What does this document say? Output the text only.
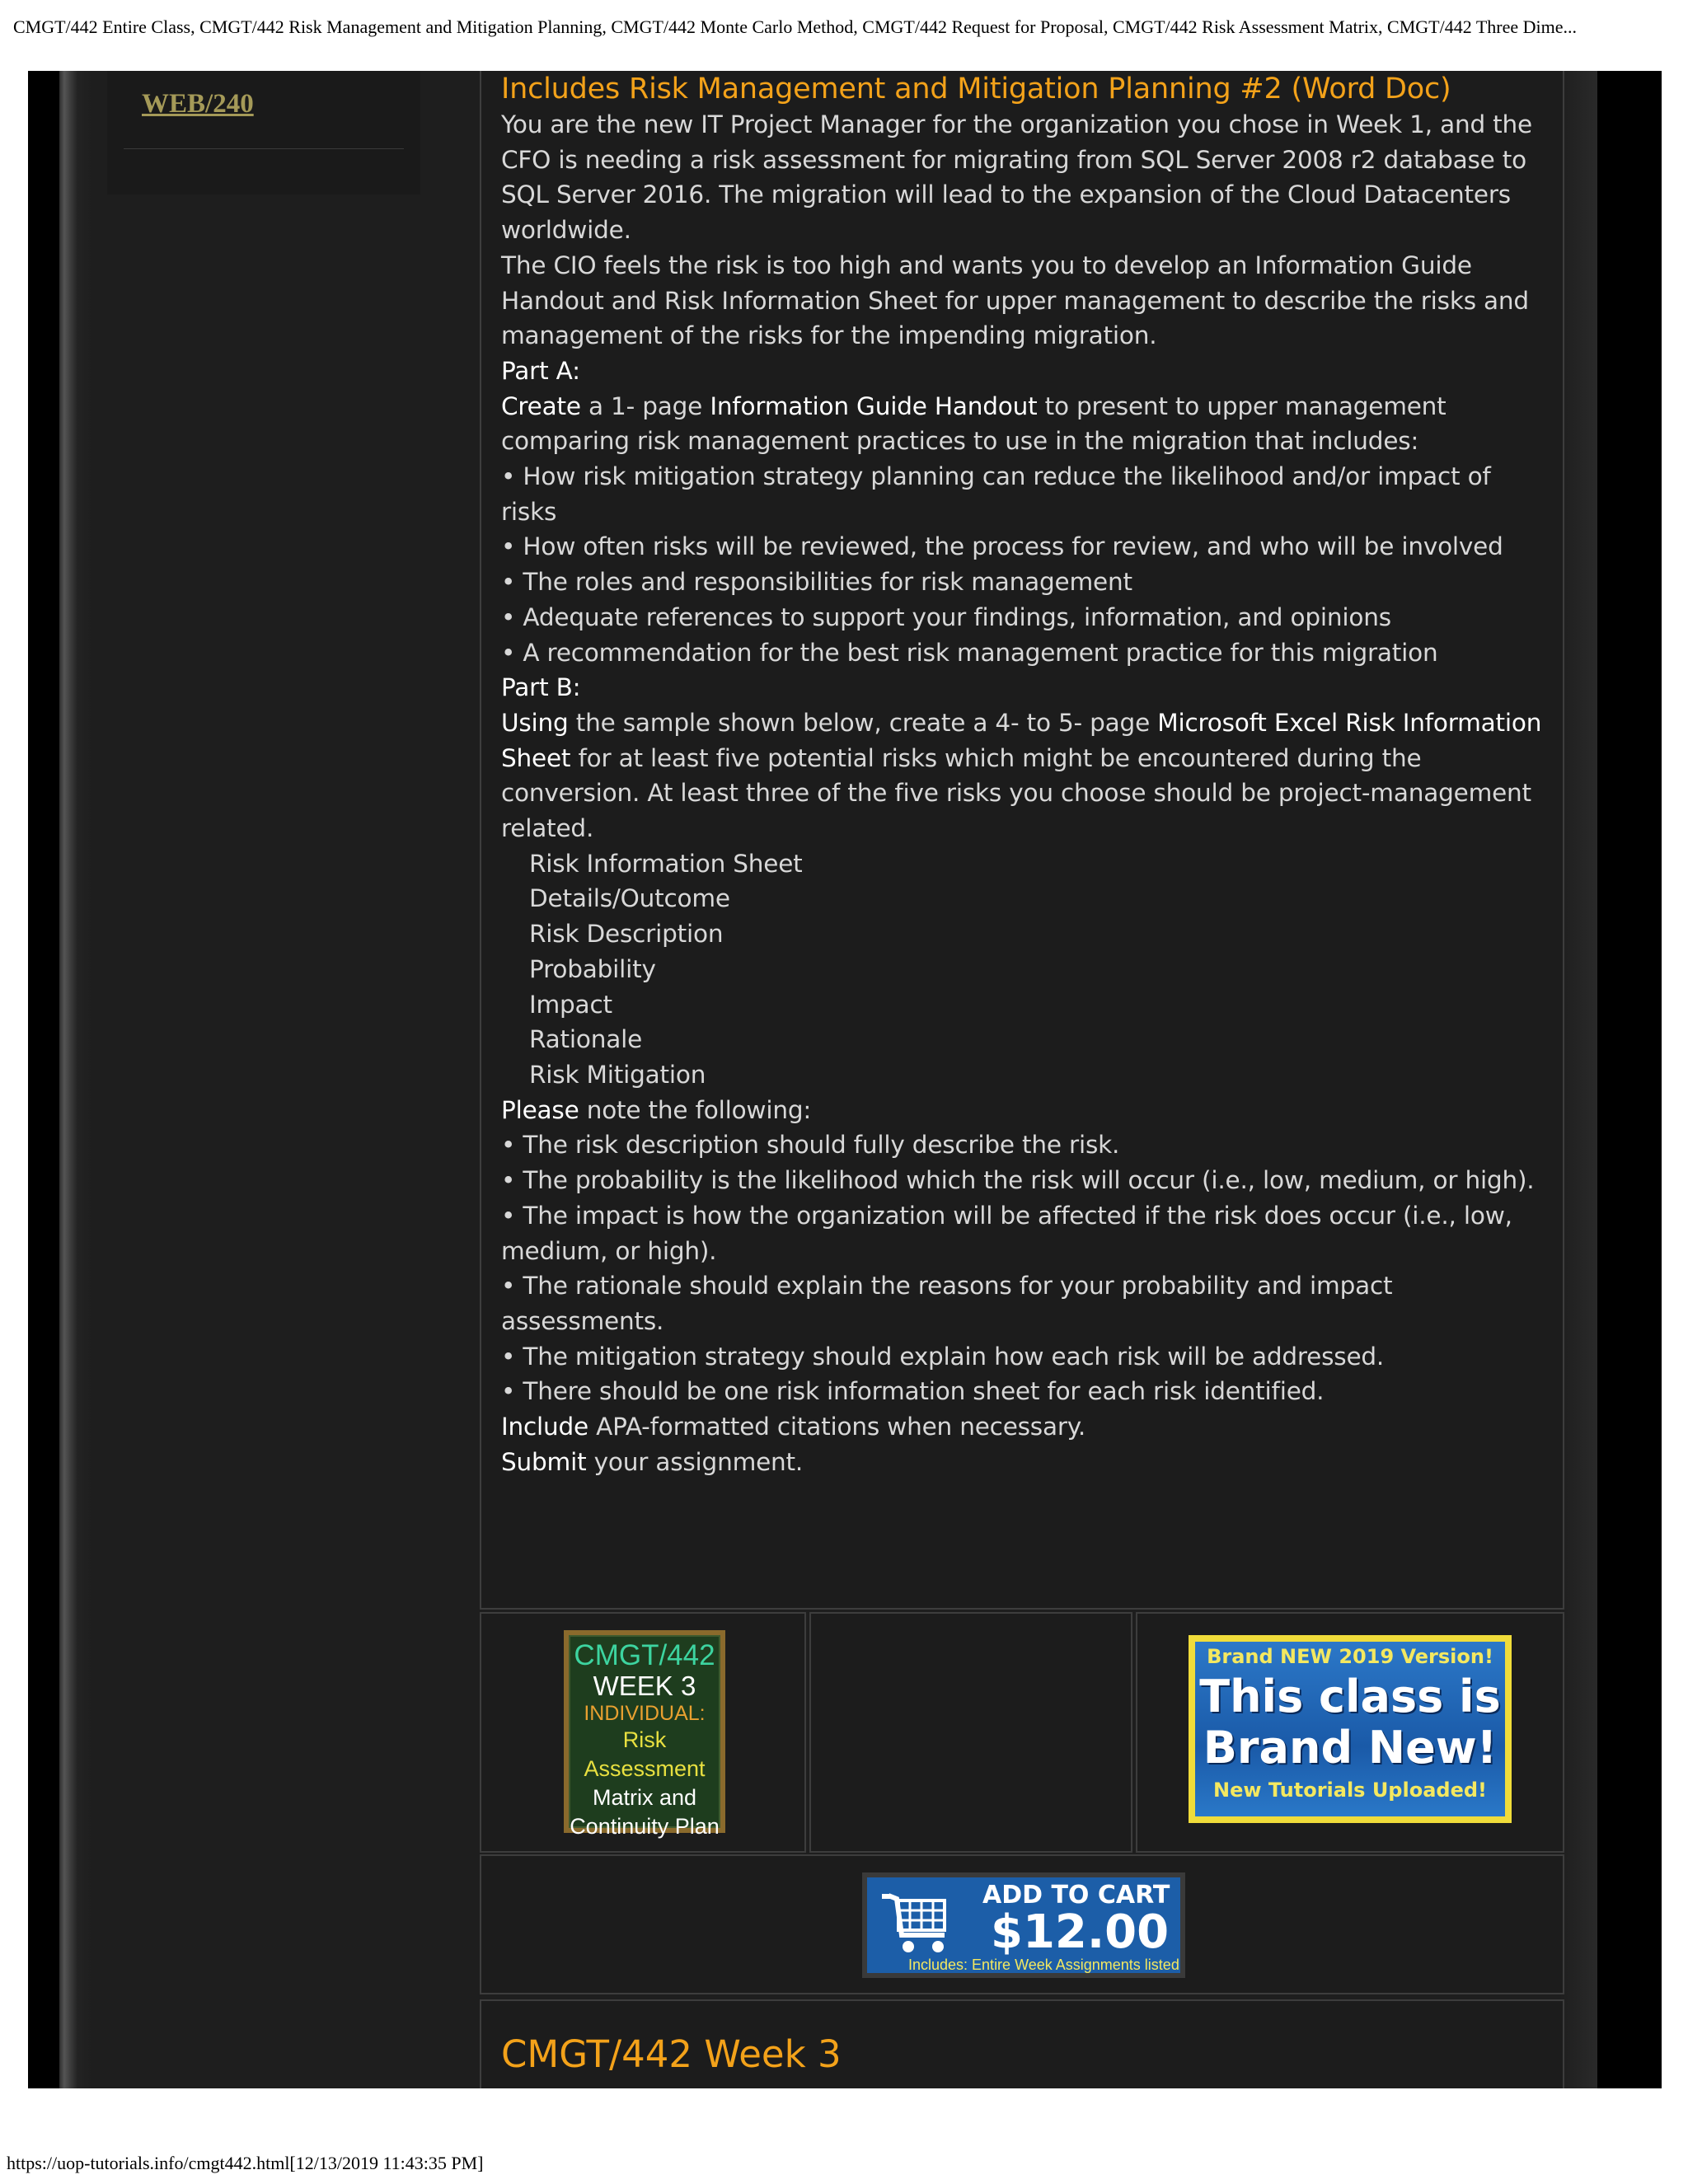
CMGT/442 Entire Class, CMGT/442 Risk Management and Mitigation Planning, CMGT/442 Monte Carlo Method, CMGT/442 Request for Proposal, CMGT/442 Risk Assessment Matrix, CMGT/442 Three Dime...
WEB/240	Includes Risk Management and Mitigation Planning #2 (Word Doc)

You are the new IT Project Manager for the organization you chose in Week 1, and the CFO is needing a risk assessment for migrating from SQL Server 2008 r2 database to SQL Server 2016. The migration will lead to the expansion of the Cloud Datacenters worldwide.

The CIO feels the risk is too high and wants you to develop an Information Guide Handout and Risk Information Sheet for upper management to describe the risks and management of the risks for the impending migration.

Part A:

Create a 1- page Information Guide Handout to present to upper management comparing risk management practices to use in the migration that includes:

• How risk mitigation strategy planning can reduce the likelihood and/or impact of risks

• How often risks will be reviewed, the process for review, and who will be involved

• The roles and responsibilities for risk management

• Adequate references to support your findings, information, and opinions

• A recommendation for the best risk management practice for this migration

Part B:

Using the sample shown below, create a 4- to 5- page Microsoft Excel Risk Information Sheet for at least five potential risks which might be encountered during the conversion. At least three of the five risks you choose should be project-management related.

Risk Information Sheet

Details/Outcome

Risk Description

Probability

Impact

Rationale

Risk Mitigation

Please note the following:

• The risk description should fully describe the risk.

• The probability is the likelihood which the risk will occur (i.e., low, medium, or high).

• The impact is how the organization will be affected if the risk does occur (i.e., low, medium, or high).

• The rationale should explain the reasons for your probability and impact assessments.

• The mitigation strategy should explain how each risk will be addressed.

• There should be one risk information sheet for each risk identified.

Include APA-formatted citations when necessary.

Submit your assignment.

CMGT/442
WEEK 3
INDIVIDUAL:
Risk Assessment
Matrix and
Continuity Plan
Brand NEW 2019 Version!
This class is
Brand New!
New Tutorials Uploaded!
ADD TO CART
$12.00
Includes: Entire Week Assignments listed
CMGT/442 Week 3
https://uop-tutorials.info/cmgt442.html[12/13/2019 11:43:35 PM]
